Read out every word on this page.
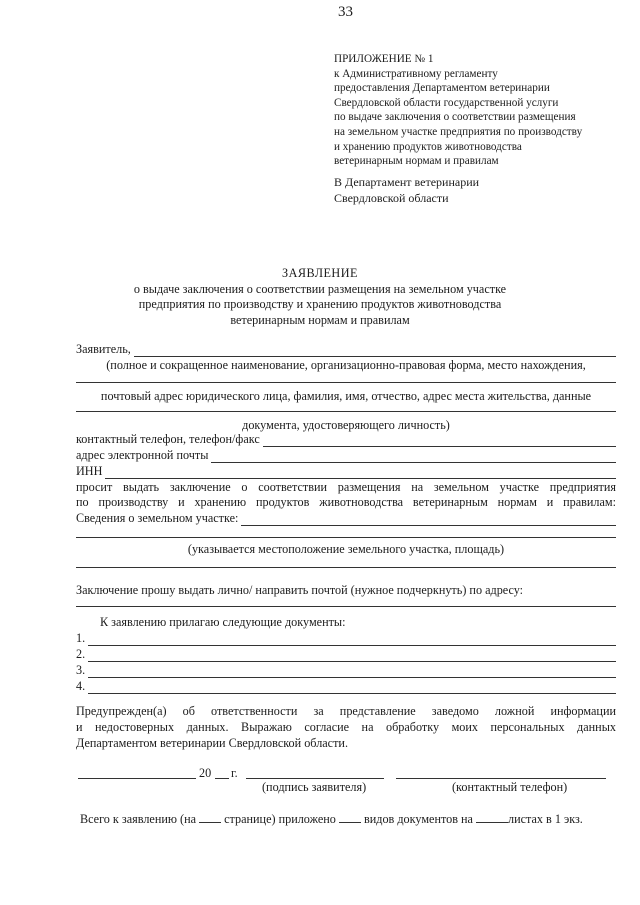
33
ПРИЛОЖЕНИЕ № 1
к Административному регламенту
предоставления Департаментом ветеринарии
Свердловской области государственной услуги
по выдаче заключения о соответствии размещения
на земельном участке предприятия по производству
и хранению продуктов животноводства
ветеринарным нормам и правилам
В Департамент ветеринарии
Свердловской области
ЗАЯВЛЕНИЕ
о выдаче заключения о соответствии размещения на земельном участке
предприятия по производству и хранению продуктов животноводства
ветеринарным нормам и правилам
Заявитель,
(полное и сокращенное наименование, организационно-правовая форма, место нахождения,
почтовый адрес юридического лица, фамилия, имя, отчество, адрес места жительства, данные
документа, удостоверяющего личность)
контактный телефон, телефон/факс
адрес электронной почты
ИНН
просит выдать заключение о соответствии размещения на земельном участке предприятия
по производству и хранению продуктов животноводства ветеринарным нормам и правилам:
Сведения о земельном участке:
(указывается местоположение земельного участка, площадь)
Заключение прошу выдать лично/ направить почтой (нужное подчеркнуть) по адресу:
К заявлению прилагаю следующие документы:
1.
2.
3.
4.
Предупрежден(а) об ответственности за представление заведомо ложной информации
и недостоверных данных. Выражаю согласие на обработку моих персональных данных
Департаментом ветеринарии Свердловской области.
20 г.
(подпись заявителя)	(контактный телефон)
Всего к заявлению (на странице) приложено видов документов на	листах в 1 экз.
